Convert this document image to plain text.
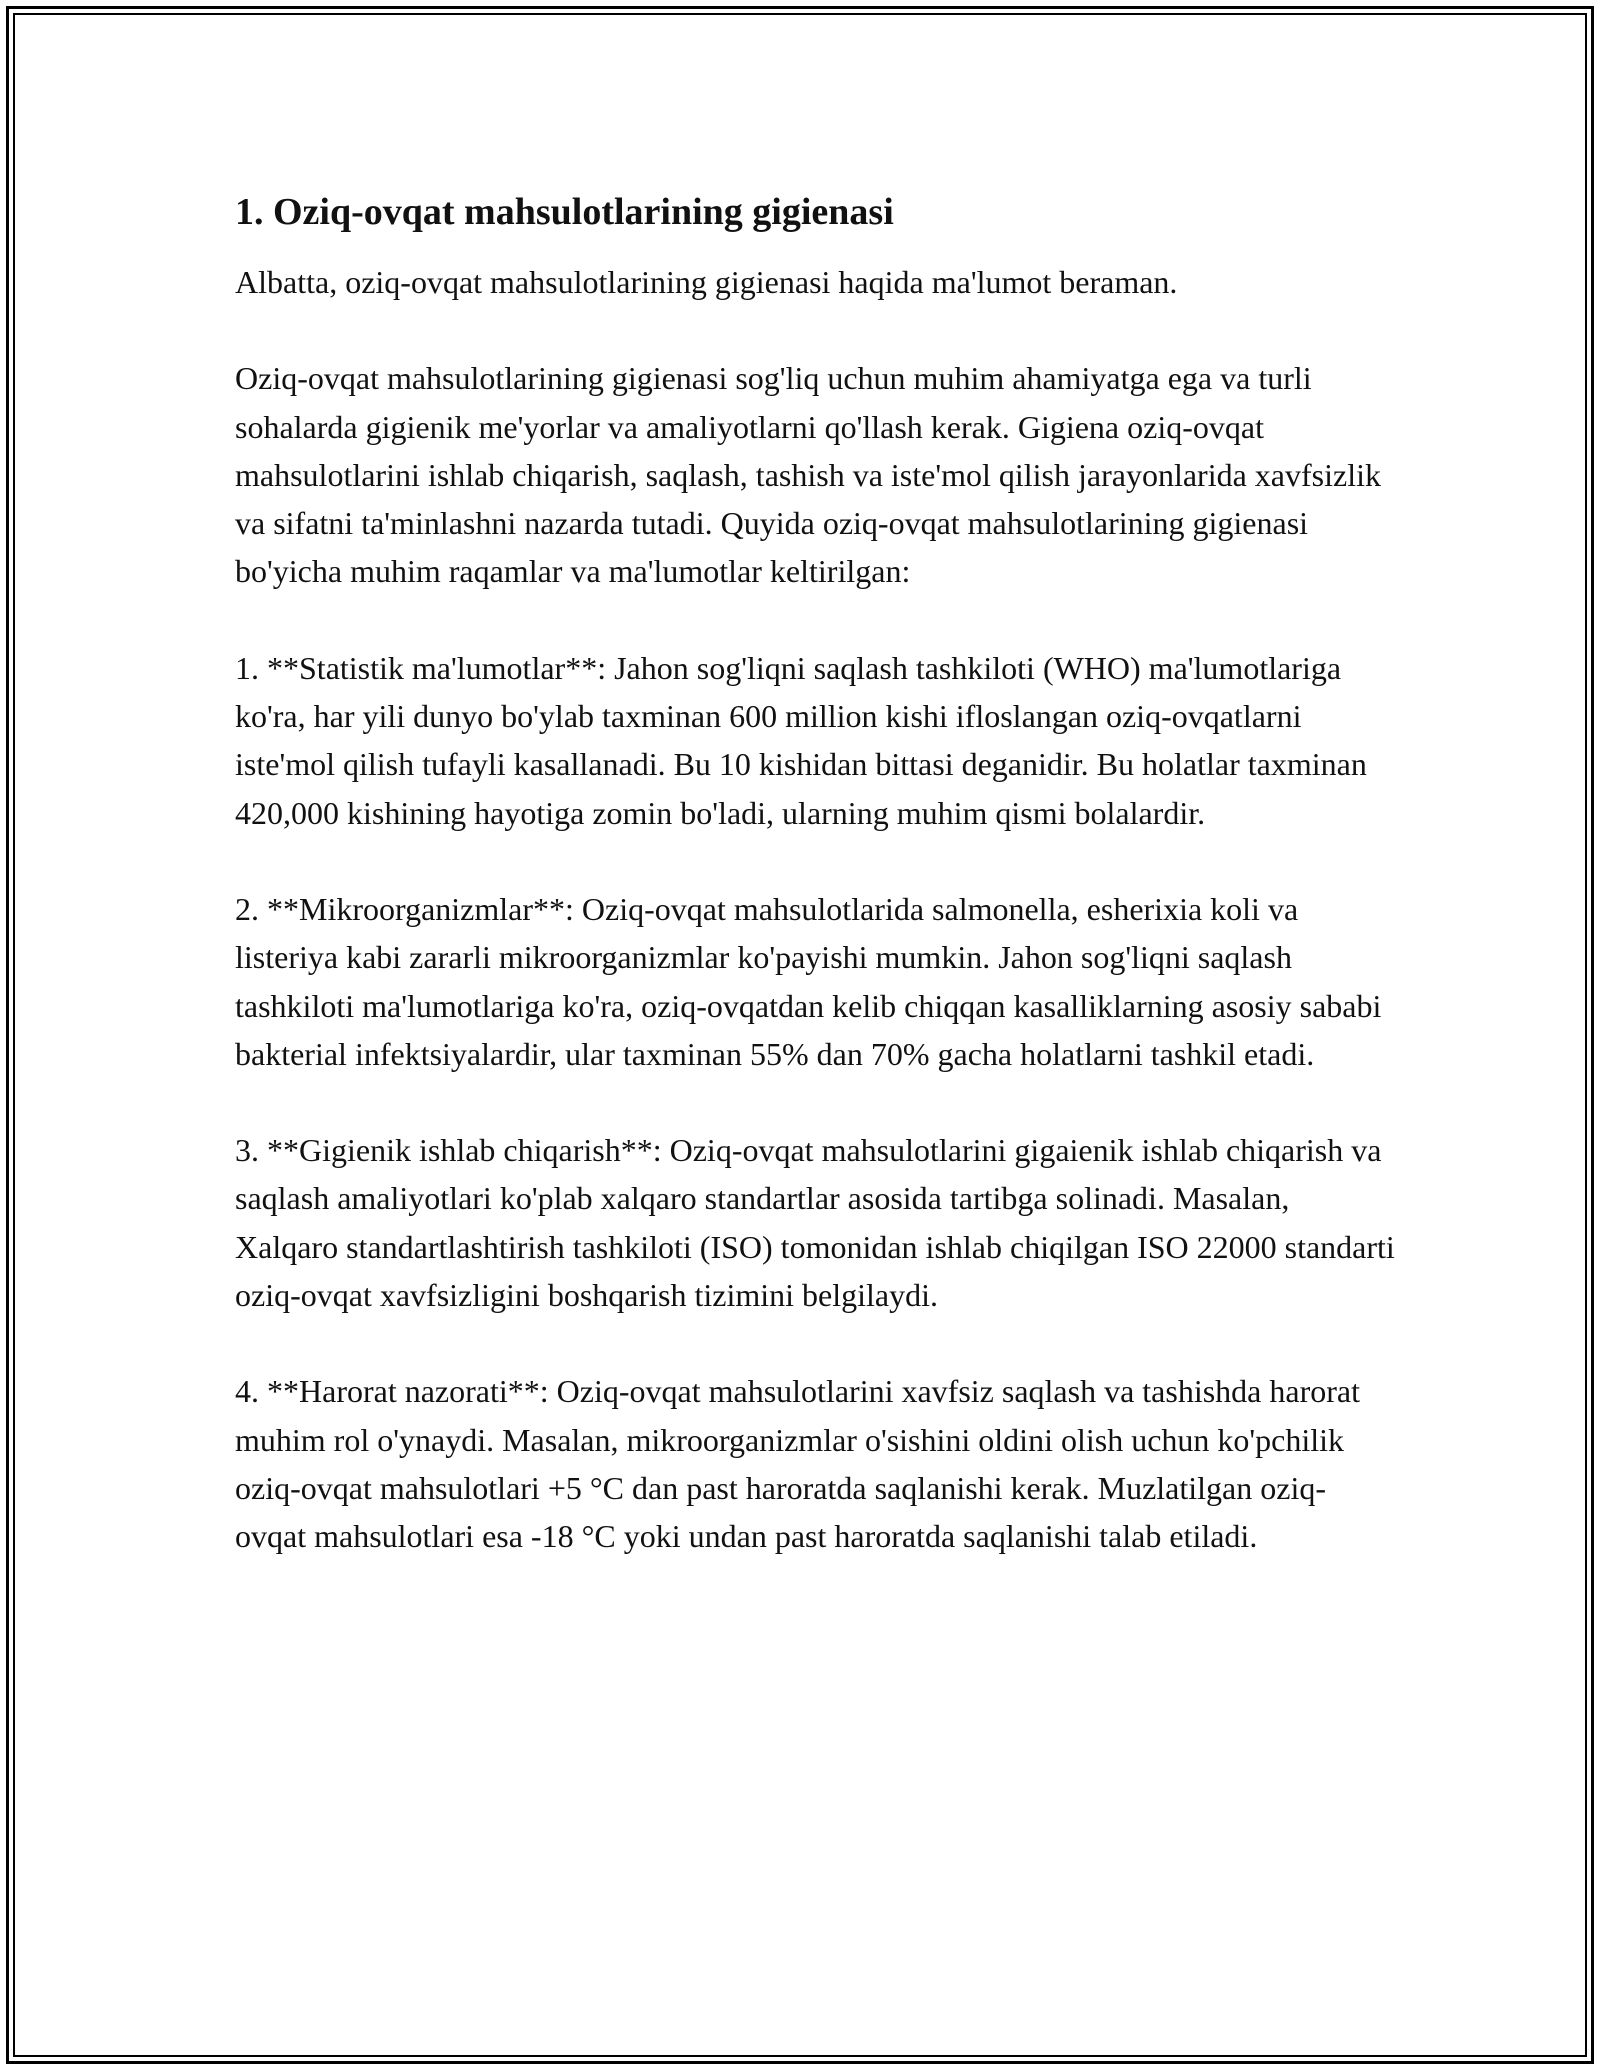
1. Oziq-ovqat mahsulotlarining gigienasi

Albatta, oziq-ovqat mahsulotlarining gigienasi haqida ma'lumot beraman.

Oziq-ovqat mahsulotlarining gigienasi sog'liq uchun muhim ahamiyatga ega va turli sohalarda gigienik me'yorlar va amaliyotlarni qo'llash kerak. Gigiena oziq-ovqat mahsulotlarini ishlab chiqarish, saqlash, tashish va iste'mol qilish jarayonlarida xavfsizlik va sifatni ta'minlashni nazarda tutadi. Quyida oziq-ovqat mahsulotlarining gigienasi bo'yicha muhim raqamlar va ma'lumotlar keltirilgan:

1. **Statistik ma'lumotlar**: Jahon sog'liqni saqlash tashkiloti (WHO) ma'lumotlariga ko'ra, har yili dunyo bo'ylab taxminan 600 million kishi ifloslangan oziq-ovqatlarni iste'mol qilish tufayli kasallanadi. Bu 10 kishidan bittasi deganidir. Bu holatlar taxminan 420,000 kishining hayotiga zomin bo'ladi, ularning muhim qismi bolalardir.

2. **Mikroorganizmlar**: Oziq-ovqat mahsulotlarida salmonella, esherixia koli va listeriya kabi zararli mikroorganizmlar ko'payishi mumkin. Jahon sog'liqni saqlash tashkiloti ma'lumotlariga ko'ra, oziq-ovqatdan kelib chiqqan kasalliklarning asosiy sababi bakterial infektsiyalardir, ular taxminan 55% dan 70% gacha holatlarni tashkil etadi.

3. **Gigienik ishlab chiqarish**: Oziq-ovqat mahsulotlarini gigaienik ishlab chiqarish va saqlash amaliyotlari ko'plab xalqaro standartlar asosida tartibga solinadi. Masalan, Xalqaro standartlashtirish tashkiloti (ISO) tomonidan ishlab chiqilgan ISO 22000 standarti oziq-ovqat xavfsizligini boshqarish tizimini belgilaydi.

4. **Harorat nazorati**: Oziq-ovqat mahsulotlarini xavfsiz saqlash va tashishda harorat muhim rol o'ynaydi. Masalan, mikroorganizmlar o'sishini oldini olish uchun ko'pchilik oziq-ovqat mahsulotlari +5 °C dan past haroratda saqlanishi kerak. Muzlatilgan oziq-ovqat mahsulotlari esa -18 °C yoki undan past haroratda saqlanishi talab etiladi.
